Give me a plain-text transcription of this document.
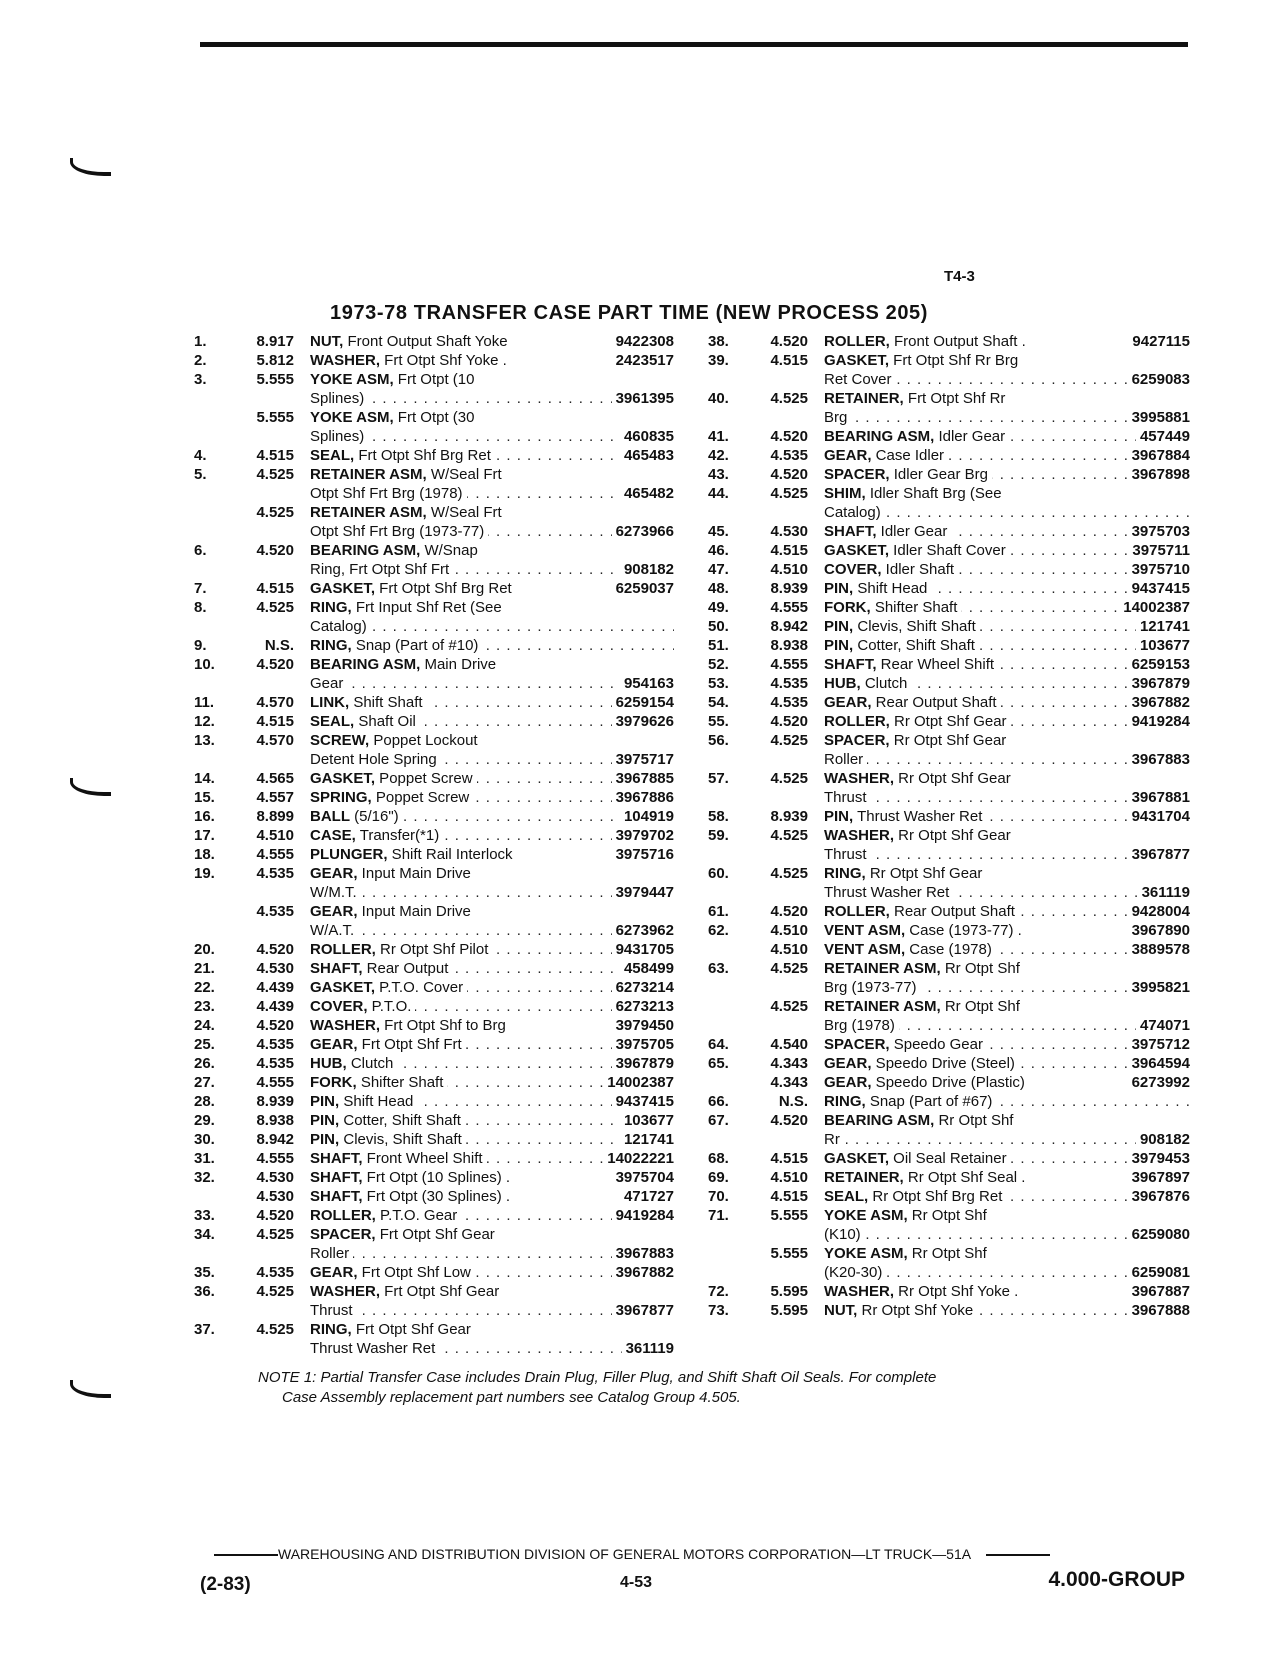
T4-3
1973-78 TRANSFER CASE PART TIME (NEW PROCESS 205)
1.	8.917 NUT, Front Output Shaft Yoke	9422308
2.	5.812 WASHER, Frt Otpt Shf Yoke .	2423517
3.	5.555 YOKE ASM, Frt Otpt (10
Splines)	3961395
. . .
5.555 YOKE ASM, Frt Otpt (30
Splines)	460835
. . .
4.	4.515 SEAL, Frt Otpt Shf Brg Ret	465483
. . .
5.	4.525 RETAINER ASM, W/Seal Frt
Otpt Shf Frt Brg (1978)	465482
. . .
4.525 RETAINER ASM, W/Seal Frt
Otpt Shf Frt Brg (1973-77)	6273966
. . .
6.	4.520 BEARING ASM, W/Snap
Ring, Frt Otpt Shf Frt	908182
. . .
7.	4.515 GASKET, Frt Otpt Shf Brg Ret	6259037
8.	4.525 RING, Frt Input Shf Ret (See
Catalog) . . .
9.	N.S. RING, Snap (Part of #10) . . .
10.	4.520 BEARING ASM, Main Drive
Gear	954163
. . .
11.	4.570 LINK, Shift Shaft	6259154
. . .
12.	4.515 SEAL, Shaft Oil	3979626
. . .
13.	4.570 SCREW, Poppet Lockout
Detent Hole Spring	3975717
. . .
14.	4.565 GASKET, Poppet Screw	3967885
. . .
15.	4.557 SPRING, Poppet Screw	3967886
. . .
16.	8.899 BALL (5/16")	104919
. . .
17.	4.510 CASE, Transfer(*1)	3979702
. . .
18.	4.555 PLUNGER, Shift Rail Interlock	3975716
19.	4.535 GEAR, Input Main Drive
W/M.T.	3979447
. . .
4.535 GEAR, Input Main Drive
W/A.T.	6273962
. . .
20.	4.520 ROLLER, Rr Otpt Shf Pilot	9431705
. . .
21.	4.530 SHAFT, Rear Output	458499
. . .
22.	4.439 GASKET, P.T.O. Cover	6273214
. . .
23.	4.439 COVER, P.T.O.	6273213
. . .
24.	4.520 WASHER, Frt Otpt Shf to Brg	3979450
25.	4.535 GEAR, Frt Otpt Shf Frt	3975705
. . .
26.	4.535 HUB, Clutch	3967879
. . .
27.	4.555 FORK, Shifter Shaft	14002387
. . .
28.	8.939 PIN, Shift Head	9437415
. . .
29.	8.938 PIN, Cotter, Shift Shaft	103677
. . .
30.	8.942 PIN, Clevis, Shift Shaft	121741
. . .
31.	4.555 SHAFT, Front Wheel Shift	14022221
. . .
32.	4.530 SHAFT, Frt Otpt (10 Splines) .	3975704
4.530 SHAFT, Frt Otpt (30 Splines) .	471727
33.	4.520 ROLLER, P.T.O. Gear	9419284
. . .
34.	4.525 SPACER, Frt Otpt Shf Gear
Roller	3967883
. . .
35.	4.535 GEAR, Frt Otpt Shf Low	3967882
. . .
36.	4.525 WASHER, Frt Otpt Shf Gear
Thrust	3967877
. . .
37.	4.525 RING, Frt Otpt Shf Gear
Thrust Washer Ret	361119
. . .
38.	4.520 ROLLER, Front Output Shaft .	9427115
39.	4.515 GASKET, Frt Otpt Shf Rr Brg
Ret Cover	6259083
. . .
40.	4.525 RETAINER, Frt Otpt Shf Rr
Brg	3995881
. . .
41.	4.520 BEARING ASM, Idler Gear	457449
. . .
42.	4.535 GEAR, Case Idler	3967884
. . .
43.	4.520 SPACER, Idler Gear Brg	3967898
. . .
44.	4.525 SHIM, Idler Shaft Brg (See
Catalog) . . .
45.	4.530 SHAFT, Idler Gear	3975703
. . .
46.	4.515 GASKET, Idler Shaft Cover	3975711
. . .
47.	4.510 COVER, Idler Shaft	3975710
. . .
48.	8.939 PIN, Shift Head	9437415
. . .
49.	4.555 FORK, Shifter Shaft	14002387
. . .
50.	8.942 PIN, Clevis, Shift Shaft	121741
. . .
51.	8.938 PIN, Cotter, Shift Shaft	103677
. . .
52.	4.555 SHAFT, Rear Wheel Shift	6259153
. . .
53.	4.535 HUB, Clutch	3967879
. . .
54.	4.535 GEAR, Rear Output Shaft	3967882
. . .
55.	4.520 ROLLER, Rr Otpt Shf Gear	9419284
. . .
56.	4.525 SPACER, Rr Otpt Shf Gear
Roller	3967883
. . .
57.	4.525 WASHER, Rr Otpt Shf Gear
Thrust	3967881
. . .
58.	8.939 PIN, Thrust Washer Ret	9431704
. . .
59.	4.525 WASHER, Rr Otpt Shf Gear
Thrust	3967877
. . .
60.	4.525 RING, Rr Otpt Shf Gear
Thrust Washer Ret	361119
. . .
61.	4.520 ROLLER, Rear Output Shaft	9428004
. . .
62.	4.510 VENT ASM, Case (1973-77) .	3967890
4.510 VENT ASM, Case (1978)	3889578
. . .
63.	4.525 RETAINER ASM, Rr Otpt Shf
Brg (1973-77)	3995821
. . .
4.525 RETAINER ASM, Rr Otpt Shf
Brg (1978)	474071
. . .
64.	4.540 SPACER, Speedo Gear	3975712
. . .
65.	4.343 GEAR, Speedo Drive (Steel)	3964594
. . .
4.343 GEAR, Speedo Drive (Plastic)	6273992
66.	N.S. RING, Snap (Part of #67) . . .
67.	4.520 BEARING ASM, Rr Otpt Shf
Rr	908182
. . .
68.	4.515 GASKET, Oil Seal Retainer	3979453
. . .
69.	4.510 RETAINER, Rr Otpt Shf Seal .	3967897
70.	4.515 SEAL, Rr Otpt Shf Brg Ret	3967876
. . .
71.	5.555 YOKE ASM, Rr Otpt Shf
(K10)	6259080
. . .
5.555 YOKE ASM, Rr Otpt Shf
(K20-30)	6259081
. . .
72.	5.595 WASHER, Rr Otpt Shf Yoke .	3967887
73.	5.595 NUT, Rr Otpt Shf Yoke	3967888
. . .
NOTE 1: Partial Transfer Case includes Drain Plug, Filler Plug, and Shift Shaft Oil Seals. For complete
Case Assembly replacement part numbers see Catalog Group 4.505.
WAREHOUSING AND DISTRIBUTION DIVISION OF GENERAL MOTORS CORPORATION—LT TRUCK—51A
(2-83)	4-53	4.000-GROUP
